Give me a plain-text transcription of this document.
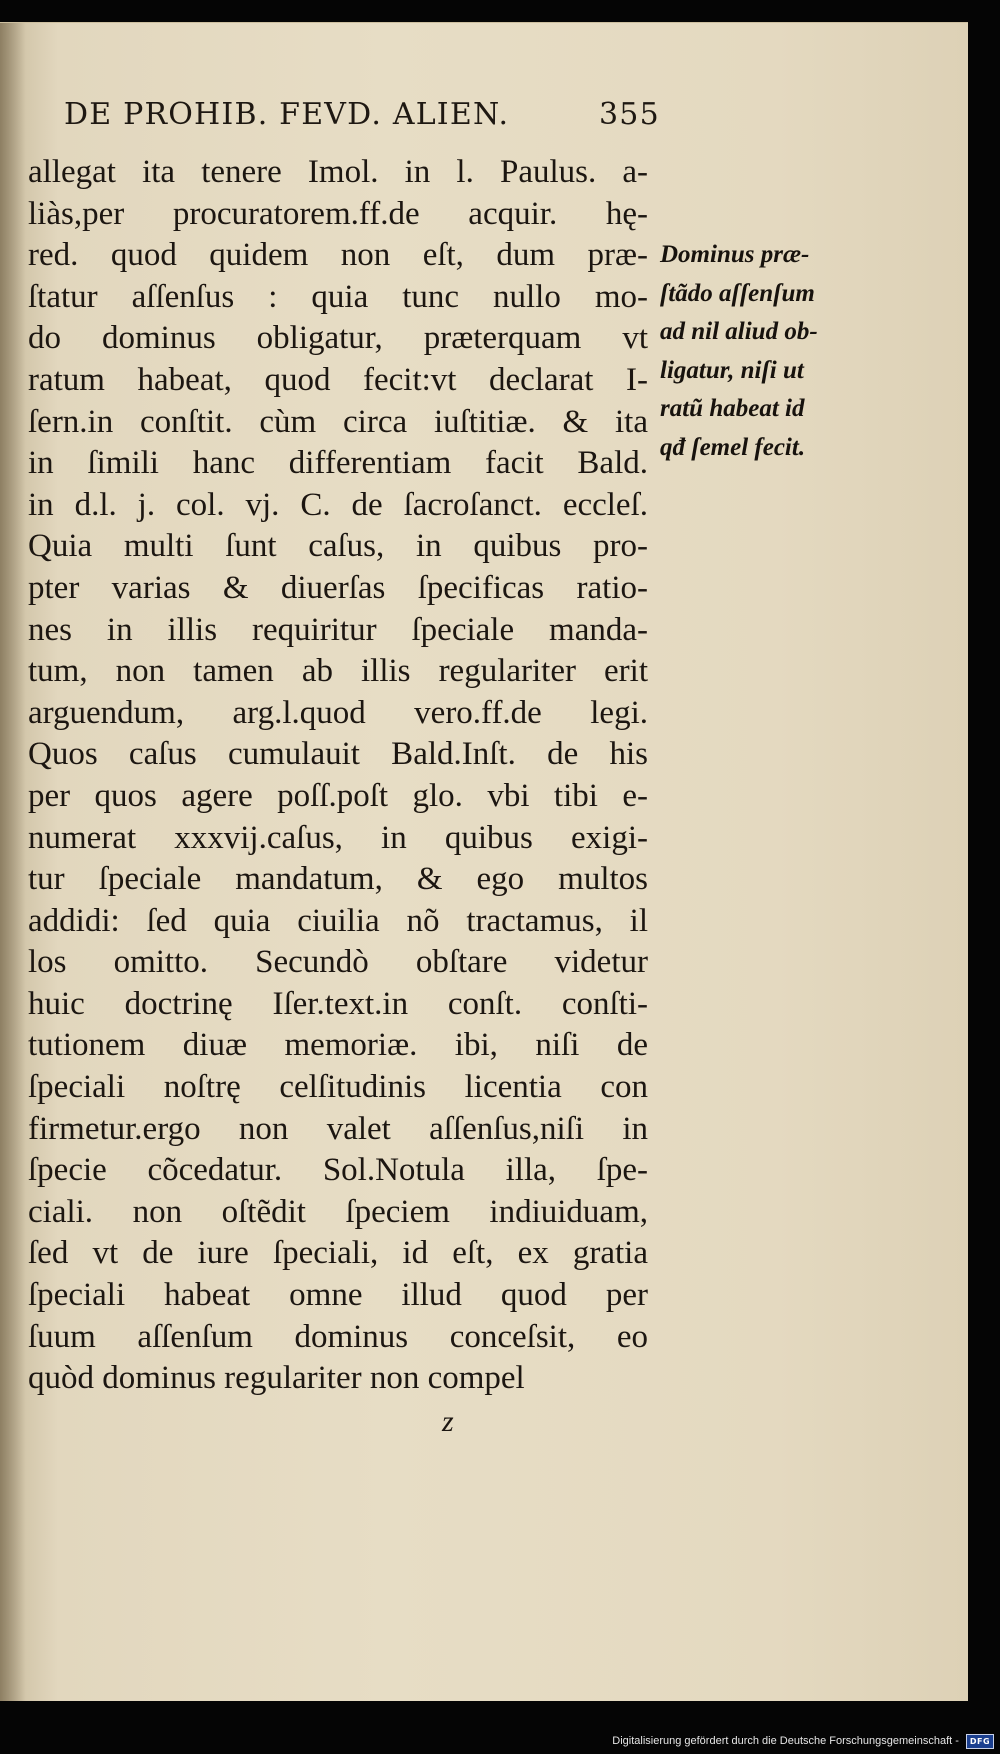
DE PROHIB. FEVD. ALIEN.	355
allegat ita tenere Imol. in l. Paulus. a-
liàs,per procuratorem.ff.de acquir. hę-
red. quod quidem non eſt, dum præ-
ſtatur aſſenſus : quia tunc nullo mo-
do dominus obligatur, præterquam vt
ratum habeat, quod fecit:vt declarat I-
ſern.in conſtit. cùm circa iuſtitiæ. & ita
in ſimili hanc differentiam facit Bald.
in d.l. j. col. vj. C. de ſacroſanct. eccleſ.
Quia multi ſunt caſus, in quibus pro-
pter varias & diuerſas ſpecificas ratio-
nes in illis requiritur ſpeciale manda-
tum, non tamen ab illis regulariter erit
arguendum, arg.l.quod vero.ff.de legi.
Quos caſus cumulauit Bald.Inſt. de his
per quos agere poſſ.poſt glo. vbi tibi e-
numerat xxxvij.caſus, in quibus exigi-
tur ſpeciale mandatum, & ego multos
addidi: ſed quia ciuilia nõ tractamus, il
los omitto. Secundò obſtare videtur
huic doctrinę Iſer.text.in conſt. conſti-
tutionem diuæ memoriæ. ibi, niſi de
ſpeciali noſtrę celſitudinis licentia con
firmetur.ergo non valet aſſenſus,niſi in
ſpecie cõcedatur. Sol.Notula illa, ſpe-
ciali. non oſtẽdit ſpeciem indiuiduam,
ſed vt de iure ſpeciali, id eſt, ex gratia
ſpeciali habeat omne illud quod per
ſuum aſſenſum dominus conceſsit, eo
quòd dominus regulariter non compel
Dominus præ-
ſtãdo aſſenſum
ad nil aliud ob-
ligatur, niſi ut
ratũ habeat id
qđ ſemel fecit.
z
Digitalisierung gefördert durch die Deutsche Forschungsgemeinschaft - DFG
